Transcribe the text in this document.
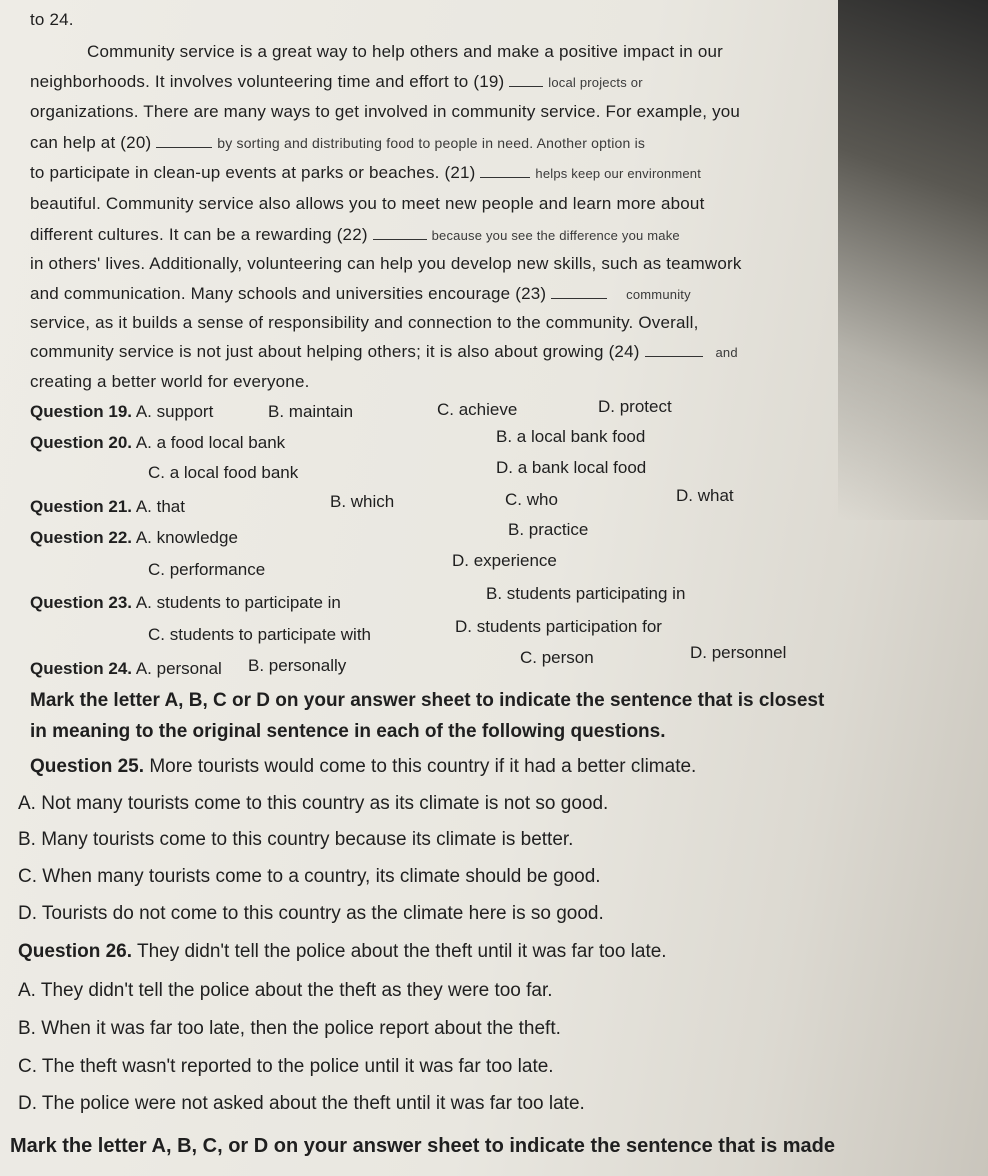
to 24.
Community service is a great way to help others and make a positive impact in our
neighborhoods. It involves volunteering time and effort to (19)	local projects or
organizations. There are many ways to get involved in community service. For example, you
can help at (20)	by sorting and distributing food to people in need. Another option is
to participate in clean-up events at parks or beaches. (21)	helps keep our environment
beautiful. Community service also allows you to meet new people and learn more about
different cultures. It can be a rewarding (22)	because you see the difference you make
in others' lives. Additionally, volunteering can help you develop new skills, such as teamwork
and communication. Many schools and universities encourage (23)	community
service, as it builds a sense of responsibility and connection to the community. Overall,
community service is not just about helping others; it is also about growing (24)	and
creating a better world for everyone.
Question 19. A. support	B. maintain	C. achieve	D. protect
Question 20. A. a food local bank	B. a local bank food
C. a local food bank	D. a bank local food
Question 21. A. that	B. which	C. who	D. what
Question 22. A. knowledge	B. practice
C. performance	D. experience
Question 23. A. students to participate in	B. students participating in
C. students to participate with	D. students participation for
Question 24. A. personal B. personally	C. person	D. personnel
Mark the letter A, B, C or D on your answer sheet to indicate the sentence that is closest
in meaning to the original sentence in each of the following questions.
Question 25. More tourists would come to this country if it had a better climate.
A. Not many tourists come to this country as its climate is not so good.
B. Many tourists come to this country because its climate is better.
C. When many tourists come to a country, its climate should be good.
D. Tourists do not come to this country as the climate here is so good.
Question 26. They didn't tell the police about the theft until it was far too late.
A. They didn't tell the police about the theft as they were too far.
B. When it was far too late, then the police report about the theft.
C. The theft wasn't reported to the police until it was far too late.
D. The police were not asked about the theft until it was far too late.
Mark the letter A, B, C, or D on your answer sheet to indicate the sentence that is made
